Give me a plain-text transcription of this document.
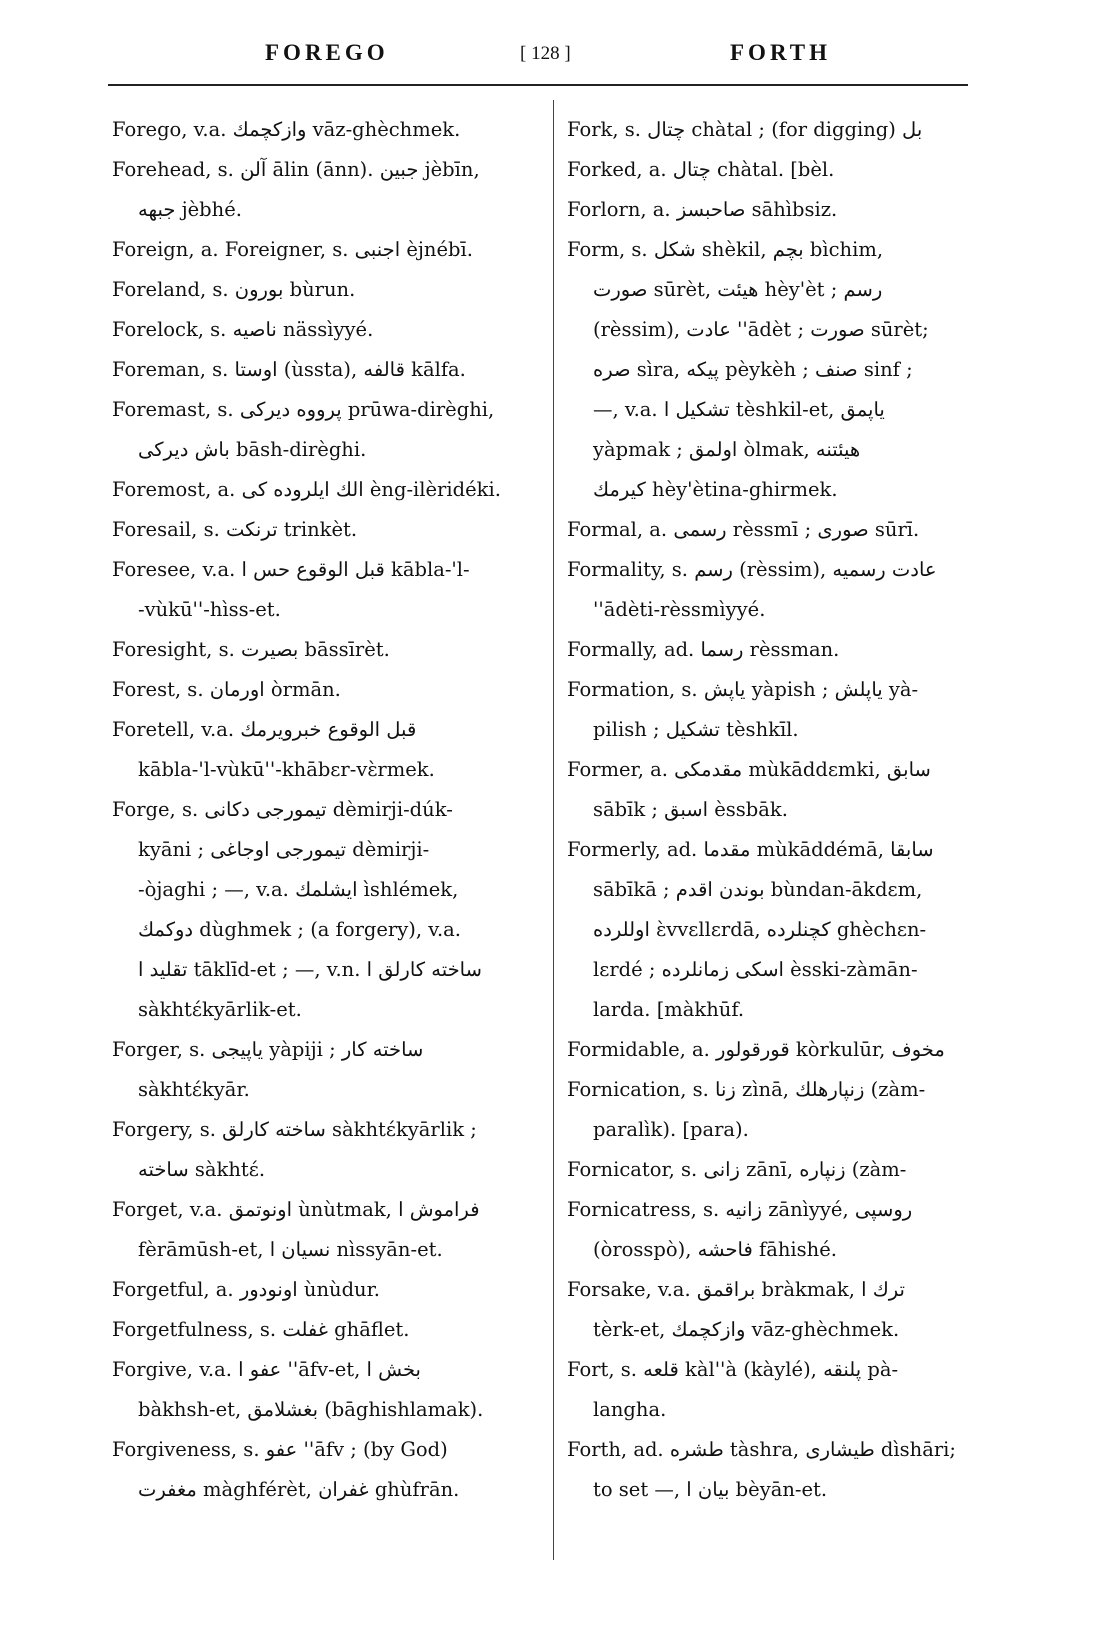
FOREGO	[ 128 ]	FORTH
Forego, v.a. وازكچمك vāz-ghèchmek.
Forehead, s. آلن ālin (ānn). جبين jèbīn,
جبهه jèbhé.
Foreign, a. Foreigner, s. اجنبى èjnébī.
Foreland, s. بورون bùrun.
Forelock, s. ناصيه nässìyyé.
Foreman, s. اوستا (ùssta), قالفه kālfa.
Foremast, s. پرووه ديركى prūwa-dirèghi,
باش ديركى bāsh-dirèghi.
Foremost, a. الك ايلروده كى èng-ilèridéki.
Foresail, s. ترنكت trinkèt.
Foresee, v.a. قبل الوقوع حس ا kābla-'l-
-vùkū''-hìss-et.
Foresight, s. بصيرت bāssīrèt.
Forest, s. اورمان òrmān.
Foretell, v.a. قبل الوقوع خبرويرمك
kābla-'l-vùkū''-khābɛr-vɛ̀rmek.
Forge, s. تيمورجى دكانى dèmirji-dúk-
kyāni ; تيمورجى اوجاغى dèmirji-
-òjaghi ; —, v.a. ايشلمك ìshlémek,
دوكمك dùghmek ; (a forgery), v.a.
تقليد ا tāklīd-et ; —, v.n. ساخته كارلق ا
sàkhtɛ́kyārlik-et.
Forger, s. ياپيجى yàpiji ; ساخته كار
sàkhtɛ́kyār.
Forgery, s. ساخته كارلق sàkhtɛ́kyārlik ;
ساخته sàkhtɛ́.
Forget, v.a. اونوتمق ùnùtmak, فراموش ا
fèrāmūsh-et, نسيان ا nìssyān-et.
Forgetful, a. اونودور ùnùdur.
Forgetfulness, s. غفلت ghāflet.
Forgive, v.a. عفو ا ''āfv-et, بخش ا
bàkhsh-et, بغشلامق (bāghishlamak).
Forgiveness, s. عفو ''āfv ; (by God)
مغفرت màghférèt, غفران ghùfrān.
Fork, s. چتال chàtal ; (for digging) بل
Forked, a. چتال chàtal. [bèl.
Forlorn, a. صاحبسز sāhìbsiz.
Form, s. شكل shèkil, بچم bìchim,
صورت sūrèt, هيئت hèy'èt ; رسم
(rèssim), عادت ''ādèt ; صورت sūrèt;
صره sìra, پيكه pèykèh ; صنف sinf ;
—, v.a. تشكيل ا tèshkil-et, ياپمق
yàpmak ; اولمق òlmak, هيئتنه
كيرمك hèy'ètina-ghirmek.
Formal, a. رسمى rèssmī ; صورى sūrī.
Formality, s. رسم (rèssim), عادت رسميه
''ādèti-rèssmìyyé.
Formally, ad. رسما rèssman.
Formation, s. ياپش yàpish ; ياپلش yà-
pilish ; تشكيل tèshkīl.
Former, a. مقدمكى mùkāddɛmki, سابق
sābīk ; اسبق èssbāk.
Formerly, ad. مقدما mùkāddémā, سابقا
sābīkā ; بوندن اقدم bùndan-ākdɛm,
اوللرده ɛ̀vvɛllɛrdā, كچنلرده ghèchɛn-
lɛrdé ; اسكى زمانلرده èsski-zàmān-
larda. [màkhūf.
Formidable, a. قورقولور kòrkulūr, مخوف
Fornication, s. زنا zìnā, زنپارهلك (zàm-
paralìk). [para).
Fornicator, s. زانى zānī, زنپاره (zàm-
Fornicatress, s. زانيه zānìyyé, روسپى
(òrosspò), فاحشه fāhishé.
Forsake, v.a. براقمق bràkmak, ترك ا
tèrk-et, وازكچمك vāz-ghèchmek.
Fort, s. قلعه kàl''à (kàylé), پلنقه pà-
langha.
Forth, ad. طشره tàshra, طيشارى dìshāri;
to set —, بيان ا bèyān-et.
